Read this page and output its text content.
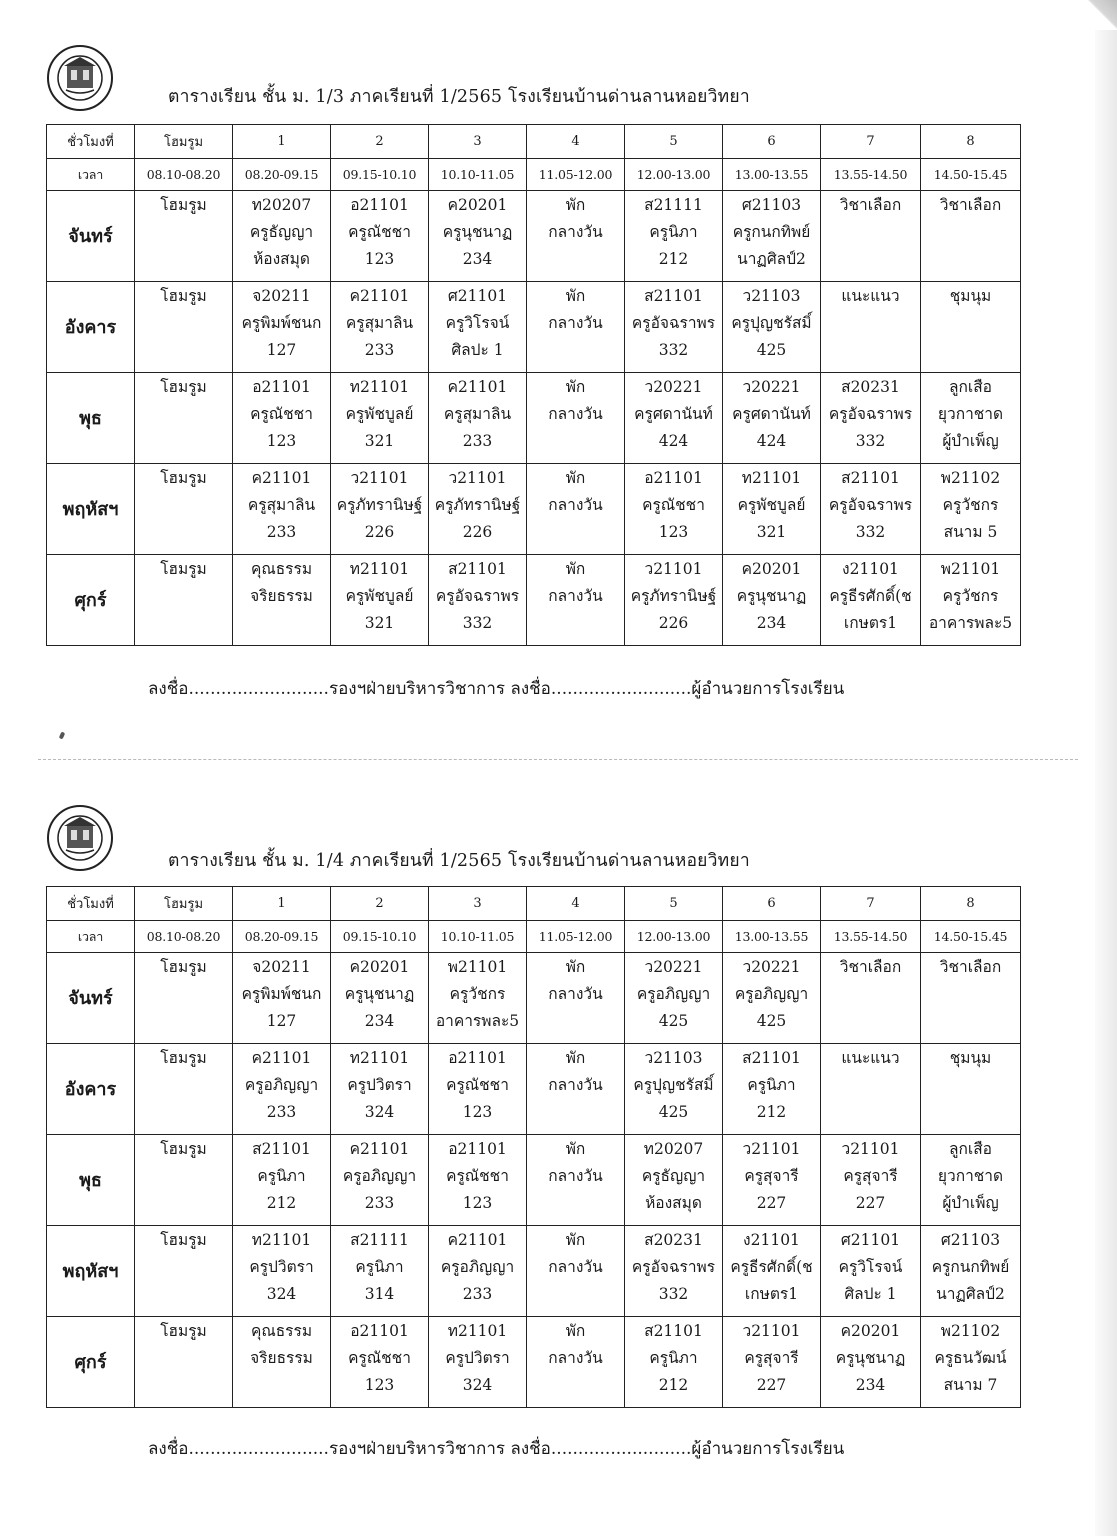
ตารางเรียน ชั้น ม. 1/3 ภาคเรียนที่ 1/2565 โรงเรียนบ้านด่านลานหอยวิทยา
ชั่วโมงที่	โฮมรูม	1	2	3	4	5	6	7	8
เวลา	08.10-08.20	08.20-09.15	09.15-10.10	10.10-11.05	11.05-12.00	12.00-13.00	13.00-13.55	13.55-14.50	14.50-15.45
จันทร์	โฮมรูม	ท20207
ครูธัญญา
ห้องสมุด	อ21101
ครูณัชชา
123	ค20201
ครูนุชนาฏ
234	พัก
กลางวัน	ส21111
ครูนิภา
212	ศ21103
ครูกนกทิพย์
นาฏศิลป์2	วิชาเลือก	วิชาเลือก

อังคาร	โฮมรูม	จ20211
ครูพิมพ์ชนก
127	ค21101
ครูสุมาลิน
233	ศ21101
ครูวิโรจน์
ศิลปะ 1	พัก
กลางวัน	ส21101
ครูอัจฉราพร
332	ว21103
ครูปุญชรัสมิ์
425	แนะแนว	ชุมนุม

พุธ	โฮมรูม	อ21101
ครูณัชชา
123	ท21101
ครูพัชบูลย์
321	ค21101
ครูสุมาลิน
233	พัก
กลางวัน	ว20221
ครูศดานันท์
424	ว20221
ครูศดานันท์
424	ส20231
ครูอัจฉราพร
332	ลูกเสือ
ยุวกาชาด
ผู้บำเพ็ญ

พฤหัสฯ	โฮมรูม	ค21101
ครูสุมาลิน
233	ว21101
ครูภัทรานิษฐ์
226	ว21101
ครูภัทรานิษฐ์
226	พัก
กลางวัน	อ21101
ครูณัชชา
123	ท21101
ครูพัชบูลย์
321	ส21101
ครูอัจฉราพร
332	พ21102
ครูวัชกร
สนาม 5

ศุกร์	โฮมรูม	คุณธรรม
จริยธรรม	ท21101
ครูพัชบูลย์
321	ส21101
ครูอัจฉราพร
332	พัก
กลางวัน	ว21101
ครูภัทรานิษฐ์
226	ค20201
ครูนุชนาฏ
234	ง21101
ครูธีรศักดิ์(ช
เกษตร1	พ21101
ครูวัชกร
อาคารพละ5
ลงชื่อ..........................รองฯฝ่ายบริหารวิชาการ ลงชื่อ..........................ผู้อำนวยการโรงเรียน
ตารางเรียน ชั้น ม. 1/4 ภาคเรียนที่ 1/2565 โรงเรียนบ้านด่านลานหอยวิทยา
ชั่วโมงที่	โฮมรูม	1	2	3	4	5	6	7	8
เวลา	08.10-08.20	08.20-09.15	09.15-10.10	10.10-11.05	11.05-12.00	12.00-13.00	13.00-13.55	13.55-14.50	14.50-15.45
จันทร์	โฮมรูม	จ20211
ครูพิมพ์ชนก
127	ค20201
ครูนุชนาฏ
234	พ21101
ครูวัชกร
อาคารพละ5	พัก
กลางวัน	ว20221
ครูอภิญญา
425	ว20221
ครูอภิญญา
425	วิชาเลือก	วิชาเลือก

อังคาร	โฮมรูม	ค21101
ครูอภิญญา
233	ท21101
ครูปวิตรา
324	อ21101
ครูณัชชา
123	พัก
กลางวัน	ว21103
ครูปุญชรัสมิ์
425	ส21101
ครูนิภา
212	แนะแนว	ชุมนุม

พุธ	โฮมรูม	ส21101
ครูนิภา
212	ค21101
ครูอภิญญา
233	อ21101
ครูณัชชา
123	พัก
กลางวัน	ท20207
ครูธัญญา
ห้องสมุด	ว21101
ครูสุจารี
227	ว21101
ครูสุจารี
227	ลูกเสือ
ยุวกาชาด
ผู้บำเพ็ญ

พฤหัสฯ	โฮมรูม	ท21101
ครูปวิตรา
324	ส21111
ครูนิภา
314	ค21101
ครูอภิญญา
233	พัก
กลางวัน	ส20231
ครูอัจฉราพร
332	ง21101
ครูธีรศักดิ์(ช
เกษตร1	ศ21101
ครูวิโรจน์
ศิลปะ 1	ศ21103
ครูกนกทิพย์
นาฏศิลป์2

ศุกร์	โฮมรูม	คุณธรรม
จริยธรรม	อ21101
ครูณัชชา
123	ท21101
ครูปวิตรา
324	พัก
กลางวัน	ส21101
ครูนิภา
212	ว21101
ครูสุจารี
227	ค20201
ครูนุชนาฏ
234	พ21102
ครูธนวัฒน์
สนาม 7
ลงชื่อ..........................รองฯฝ่ายบริหารวิชาการ ลงชื่อ..........................ผู้อำนวยการโรงเรียน
